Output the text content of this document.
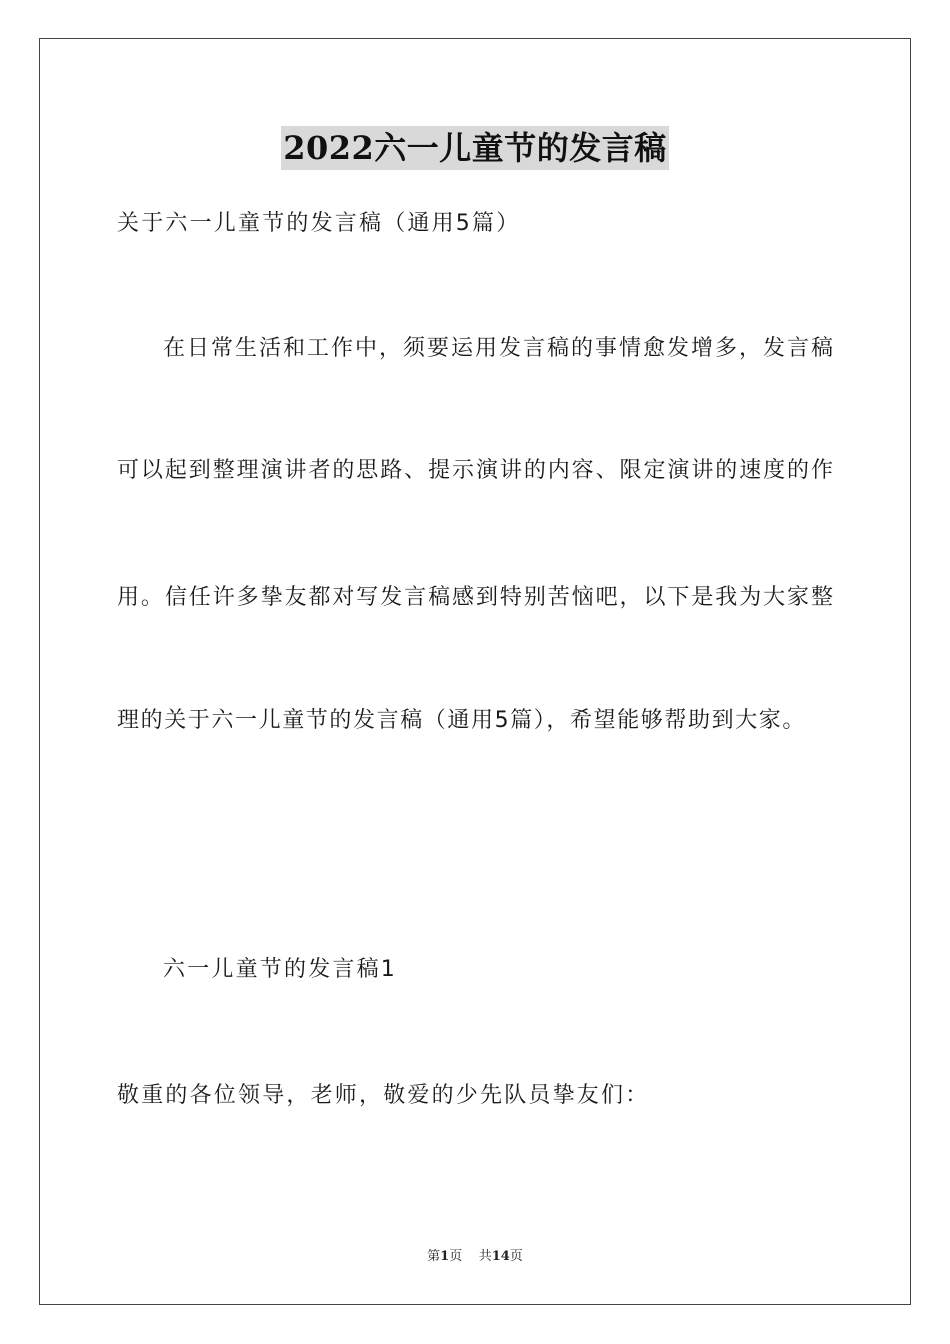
2022六一儿童节的发言稿
关于六一儿童节的发言稿（通用5篇）
在日常生活和工作中，须要运用发言稿的事情愈发增多，发言稿
可以起到整理演讲者的思路、提示演讲的内容、限定演讲的速度的作
用。信任许多挚友都对写发言稿感到特别苦恼吧，以下是我为大家整
理的关于六一儿童节的发言稿（通用5篇），希望能够帮助到大家。
六一儿童节的发言稿1
敬重的各位领导，老师，敬爱的少先队员挚友们：
第1页    共14页
